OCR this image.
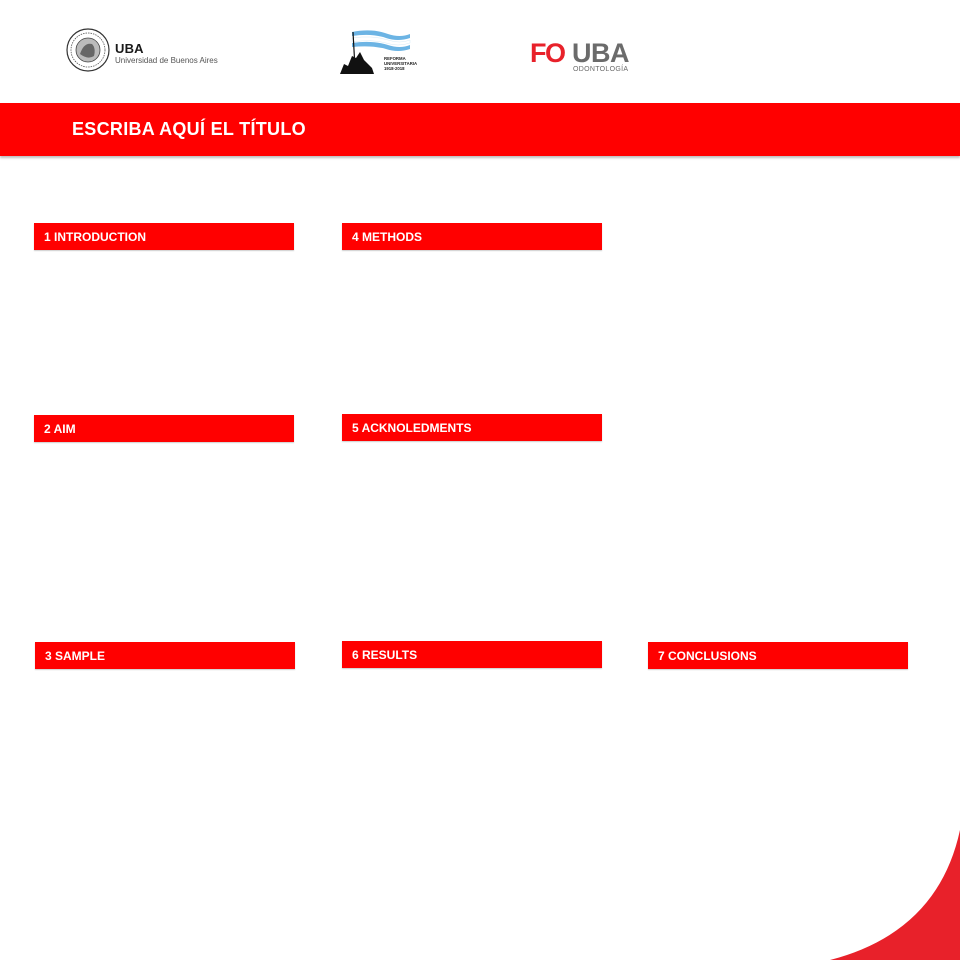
UBA
Universidad de Buenos Aires	REFORMA
UNIVERSITARIA
1918-2018
FO UBA
ODONTOLOGÍA
ESCRIBA AQUÍ EL TÍTULO
1 INTRODUCTION
2 AIM
3 SAMPLE
4 METHODS
5 ACKNOLEDMENTS
6 RESULTS	7 CONCLUSIONS
